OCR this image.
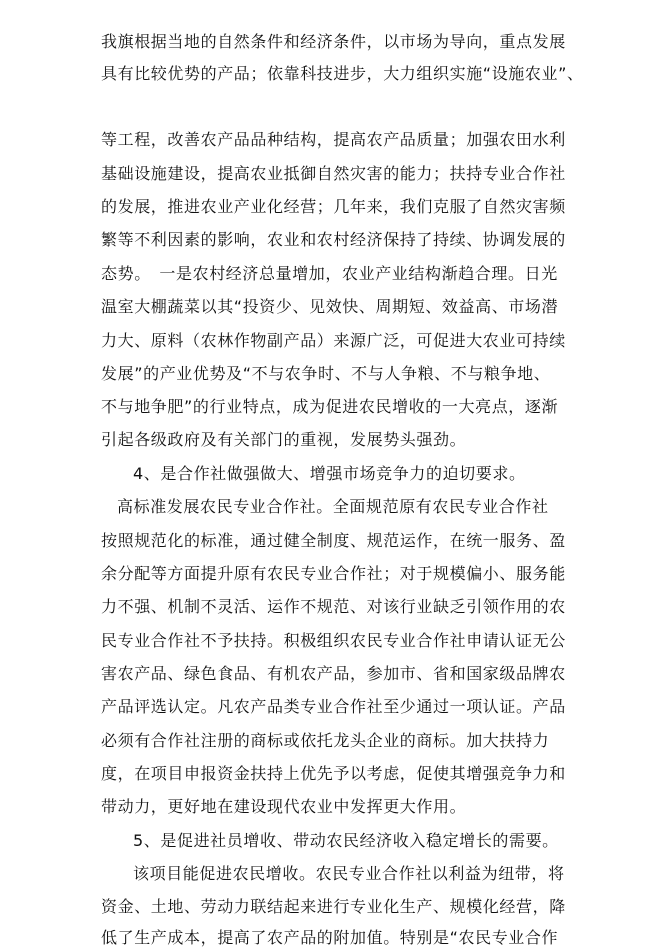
我旗根据当地的自然条件和经济条件，以市场为导向，重点发展
具有比较优势的产品；依靠科技进步，大力组织实施“设施农业”、
等工程，改善农产品品种结构，提高农产品质量；加强农田水利
基础设施建设，提高农业抵御自然灾害的能力；扶持专业合作社
的发展，推进农业产业化经营；几年来，我们克服了自然灾害频
繁等不利因素的影响，农业和农村经济保持了持续、协调发展的
态势。　一是农村经济总量增加，农业产业结构渐趋合理。日光
温室大棚蔬菜以其“投资少、见效快、周期短、效益高、市场潜
力大、原料（农林作物副产品）来源广泛，可促进大农业可持续
发展”的产业优势及“不与农争时、不与人争粮、不与粮争地、
不与地争肥”的行业特点，成为促进农民增收的一大亮点，逐渐
引起各级政府及有关部门的重视，发展势头强劲。
4、是合作社做强做大、增强市场竞争力的迫切要求。
高标准发展农民专业合作社。全面规范原有农民专业合作社
按照规范化的标准，通过健全制度、规范运作，在统一服务、盈
余分配等方面提升原有农民专业合作社；对于规模偏小、服务能
力不强、机制不灵活、运作不规范、对该行业缺乏引领作用的农
民专业合作社不予扶持。积极组织农民专业合作社申请认证无公
害农产品、绿色食品、有机农产品，参加市、省和国家级品牌农
产品评选认定。凡农产品类专业合作社至少通过一项认证。产品
必须有合作社注册的商标或依托龙头企业的商标。加大扶持力
度，在项目申报资金扶持上优先予以考虑，促使其增强竞争力和
带动力，更好地在建设现代农业中发挥更大作用。
5、是促进社员增收、带动农民经济收入稳定增长的需要。
该项目能促进农民增收。农民专业合作社以利益为纽带，将
资金、土地、劳动力联结起来进行专业化生产、规模化经营，降
低了生产成本，提高了农产品的附加值。特别是“农民专业合作
